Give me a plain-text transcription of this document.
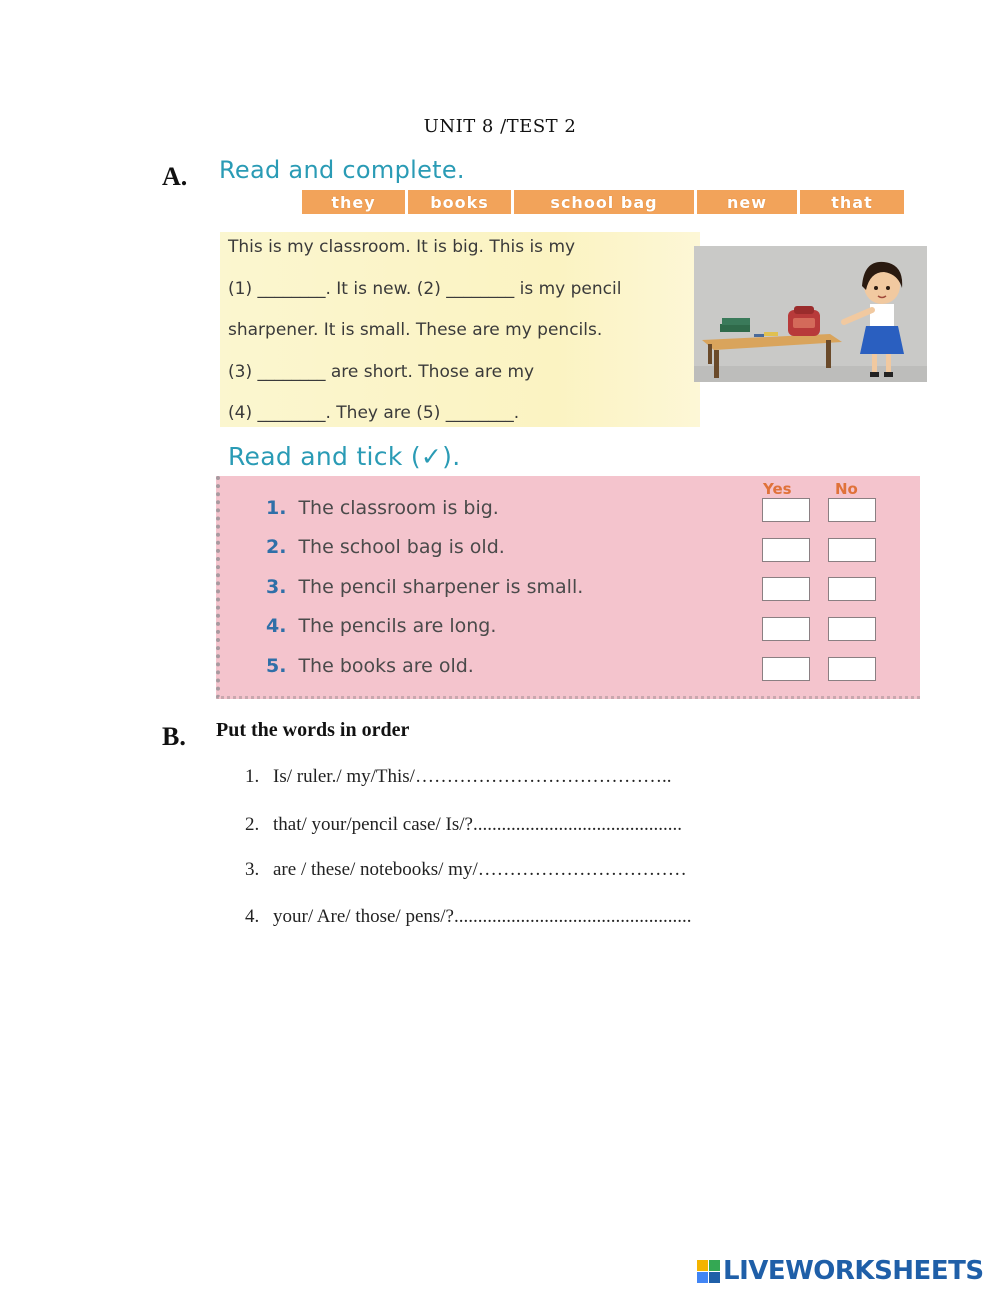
UNIT 8 /TEST 2
A. Read and complete.
they	books	school bag	new	that
This is my classroom. It is big. This is my
(1) ________. It is new. (2) ________ is my pencil
sharpener. It is small. These are my pencils.
(3) ________ are short. Those are my
(4) ________. They are (5) ________.
Read and tick (✓).
Yes	No
1. The classroom is big.
2. The school bag is old.
3. The pencil sharpener is small.
4. The pencils are long.
5. The books are old.
B. Put the words in order
1. Is/ ruler./ my/This/…………………………………..
2. that/ your/pencil case/ Is/?............................................
3. are / these/ notebooks/ my/……………………………
4. your/ Are/ those/ pens/?..................................................
LIVEWORKSHEETS
